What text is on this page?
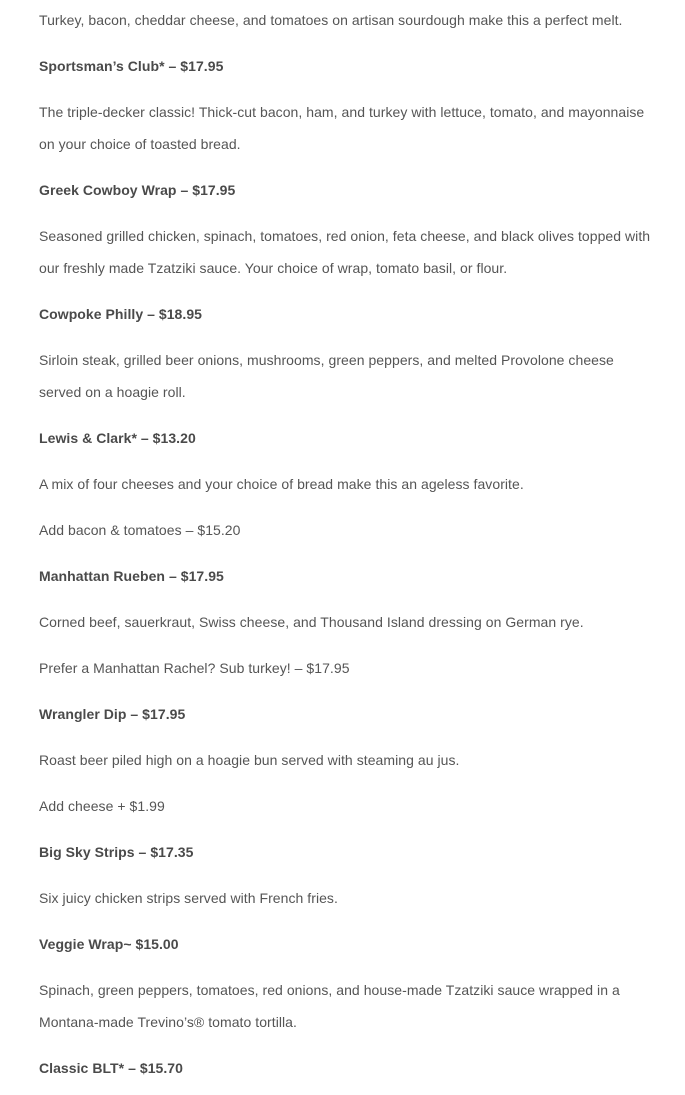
Turkey, bacon, cheddar cheese, and tomatoes on artisan sourdough make this a perfect melt.

Sportsman’s Club* – $17.95

The triple-decker classic! Thick-cut bacon, ham, and turkey with lettuce, tomato, and mayonnaise on your choice of toasted bread.

Greek Cowboy Wrap – $17.95

Seasoned grilled chicken, spinach, tomatoes, red onion, feta cheese, and black olives topped with our freshly made Tzatziki sauce. Your choice of wrap, tomato basil, or flour.

Cowpoke Philly – $18.95

Sirloin steak, grilled beer onions, mushrooms, green peppers, and melted Provolone cheese served on a hoagie roll.

Lewis & Clark* – $13.20

A mix of four cheeses and your choice of bread make this an ageless favorite.

Add bacon & tomatoes – $15.20

Manhattan Rueben – $17.95

Corned beef, sauerkraut, Swiss cheese, and Thousand Island dressing on German rye.

Prefer a Manhattan Rachel? Sub turkey! – $17.95

Wrangler Dip – $17.95

Roast beer piled high on a hoagie bun served with steaming au jus.

Add cheese + $1.99

Big Sky Strips – $17.35

Six juicy chicken strips served with French fries.

Veggie Wrap~ $15.00

Spinach, green peppers, tomatoes, red onions, and house-made Tzatziki sauce wrapped in a Montana-made Trevino’s® tomato tortilla.

Classic BLT* – $15.70
